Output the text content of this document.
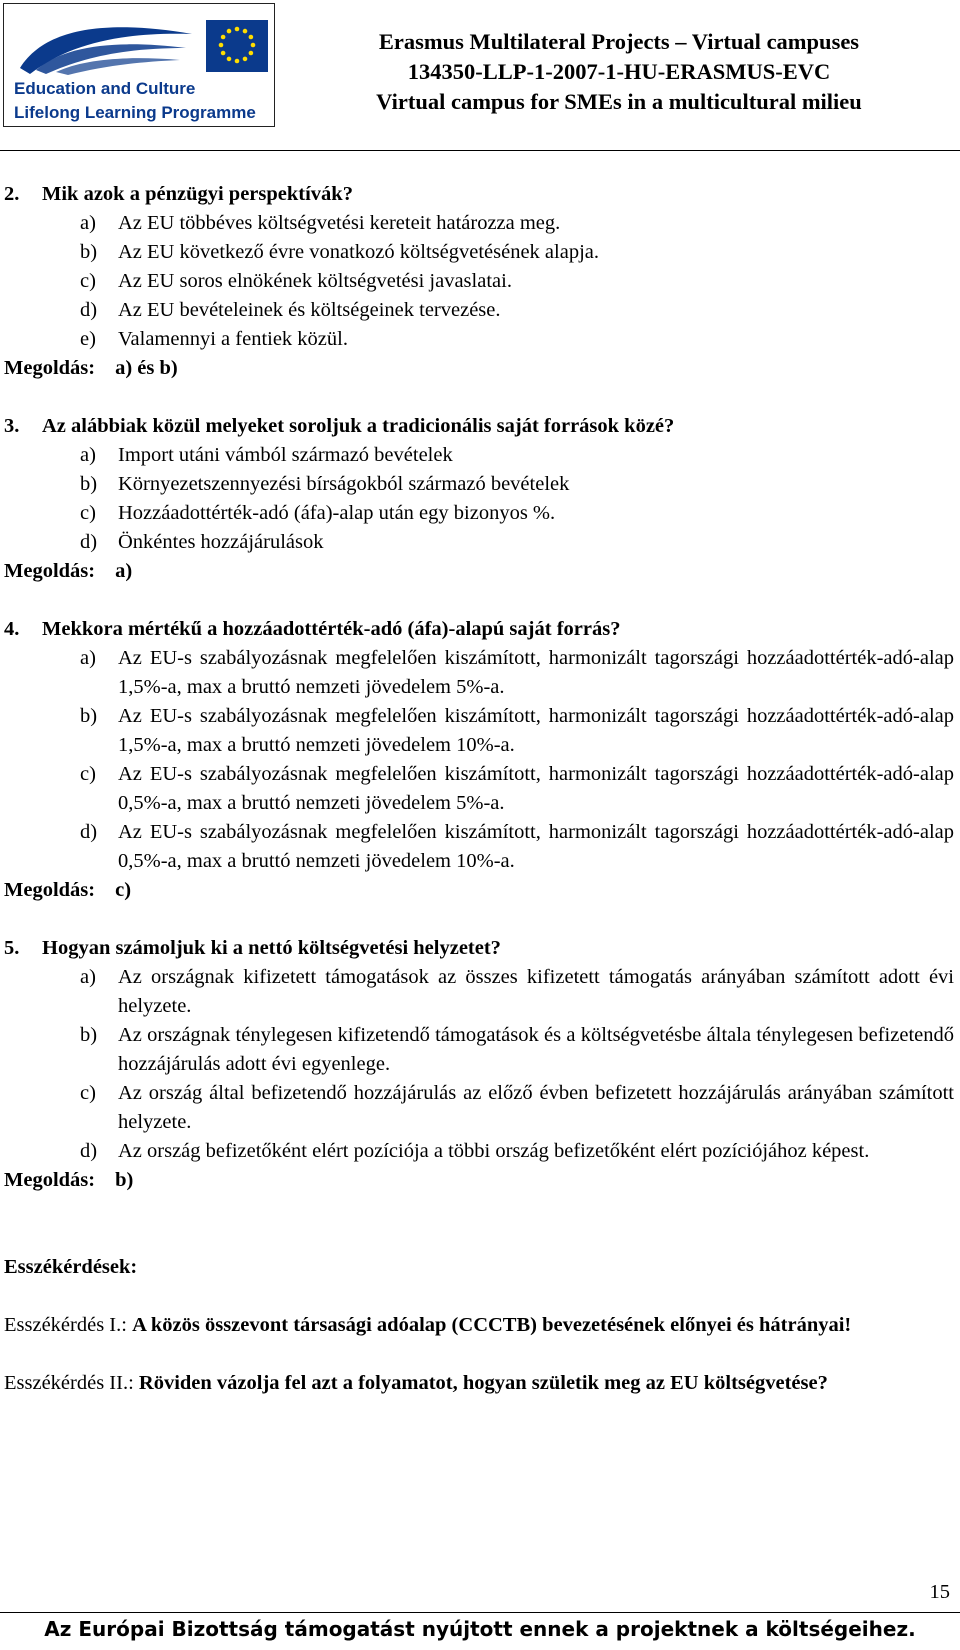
Education and Culture
Lifelong Learning Programme
Erasmus Multilateral Projects – Virtual campuses
134350-LLP-1-2007-1-HU-ERASMUS-EVC
Virtual campus for SMEs in a multicultural milieu
2. Mik azok a pénzügyi perspektívák?
a) Az EU többéves költségvetési kereteit határozza meg.
b) Az EU következő évre vonatkozó költségvetésének alapja.
c) Az EU soros elnökének költségvetési javaslatai.
d) Az EU bevételeinek és költségeinek tervezése.
e) Valamennyi a fentiek közül.
Megoldás: a) és b)
3. Az alábbiak közül melyeket soroljuk a tradicionális saját források közé?
a) Import utáni vámból származó bevételek
b) Környezetszennyezési bírságokból származó bevételek
c) Hozzáadottérték-adó (áfa)-alap után egy bizonyos %.
d) Önkéntes hozzájárulások
Megoldás: a)
4. Mekkora mértékű a hozzáadottérték-adó (áfa)-alapú saját forrás?
a) Az EU-s szabályozásnak megfelelően kiszámított, harmonizált tagországi hozzáadottérték-adó-alap 1,5%-a, max a bruttó nemzeti jövedelem 5%-a.
b) Az EU-s szabályozásnak megfelelően kiszámított, harmonizált tagországi hozzáadottérték-adó-alap 1,5%-a, max a bruttó nemzeti jövedelem 10%-a.
c) Az EU-s szabályozásnak megfelelően kiszámított, harmonizált tagországi hozzáadottérték-adó-alap 0,5%-a, max a bruttó nemzeti jövedelem 5%-a.
d) Az EU-s szabályozásnak megfelelően kiszámított, harmonizált tagországi hozzáadottérték-adó-alap 0,5%-a, max a bruttó nemzeti jövedelem 10%-a.
Megoldás: c)
5. Hogyan számoljuk ki a nettó költségvetési helyzetet?
a) Az országnak kifizetett támogatások az összes kifizetett támogatás arányában számított adott évi helyzete.
b) Az országnak ténylegesen kifizetendő támogatások és a költségvetésbe általa ténylegesen befizetendő hozzájárulás adott évi egyenlege.
c) Az ország által befizetendő hozzájárulás az előző évben befizetett hozzájárulás arányában számított helyzete.
d) Az ország befizetőként elért pozíciója a többi ország befizetőként elért pozíciójához képest.
Megoldás: b)
Esszékérdések:
Esszékérdés I.: A közös összevont társasági adóalap (CCCTB) bevezetésének előnyei és hátrányai!
Esszékérdés II.: Röviden vázolja fel azt a folyamatot, hogyan születik meg az EU költségvetése?
15
Az Európai Bizottság támogatást nyújtott ennek a projektnek a költségeihez.
